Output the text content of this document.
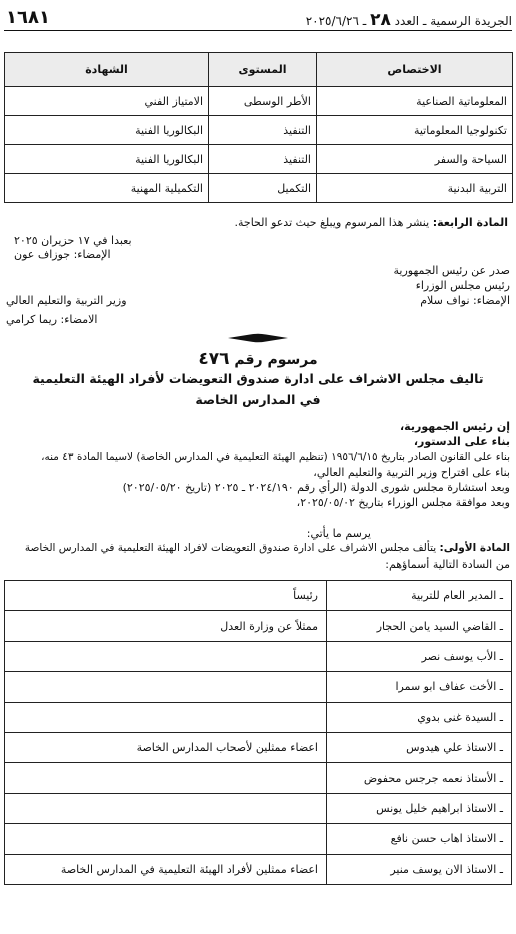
الجريدة الرسمية ـ العدد ٢٨ ـ ٢٠٢٥/٦/٢٦
١٦٨١
الاختصاص	المستوى	الشهادة
المعلوماتية الصناعية	الأطر الوسطى	الامتياز الفني
تكنولوجيا المعلوماتية	التنفيذ	البكالوريا الفنية
السياحة والسفر	التنفيذ	البكالوريا الفنية
التربية البدنية	التكميل	التكميلية المهنية
المادة الرابعة: ينشر هذا المرسوم ويبلغ حيث تدعو الحاجة.
بعبدا في ١٧ حزيران ٢٠٢٥
الإمضاء: جوزاف عون
صدر عن رئيس الجمهورية
رئيس مجلس الوزراء
الإمضاء: نواف سلام
وزير التربية والتعليم العالي
الامضاء: ريما كرامي
مرسوم رقم ٤٧٦
تاليف مجلس الاشراف على ادارة صندوق التعويضات لأفراد الهيئة التعليمية
في المدارس الخاصة
إن رئيس الجمهورية،
بناء على الدستور،
بناء على القانون الصادر بتاريخ ١٩٥٦/٦/١٥ (تنظيم الهيئة التعليمية في المدارس الخاصة) لاسيما المادة ٤٣ منه،
بناء على اقتراح وزير التربية والتعليم العالي،
وبعد استشارة مجلس شورى الدولة (الرأي رقم ٢٠٢٤/١٩٠ ـ ٢٠٢٥ (تاريخ ٢٠٢٥/٠٥/٢٠)
وبعد موافقة مجلس الوزراء بتاريخ ٢٠٢٥/٠٥/٠٢،
يرسم ما يأتي:
المادة الأولى: يتألف مجلس الاشراف على ادارة صندوق التعويضات لافراد الهيئة التعليمية في المدارس الخاصة
من السادة التالية أسماؤهم:
ـ المدير العام للتربية	رئيساً
ـ القاضي السيد يامن الحجار	ممثلاً عن وزارة العدل
ـ الأب يوسف نصر	
ـ الأخت عفاف ابو سمرا	
ـ السيدة غنى بدوي	
ـ الاستاذ علي هيدوس	اعضاء ممثلين لأصحاب المدارس الخاصة
ـ الأستاذ نعمه جرجس محفوض	
ـ الاستاذ ابراهيم خليل يونس	
ـ الاستاذ اهاب حسن نافع	
ـ الاستاذ الان يوسف منير	اعضاء ممثلين لأفراد الهيئة التعليمية في المدارس الخاصة
